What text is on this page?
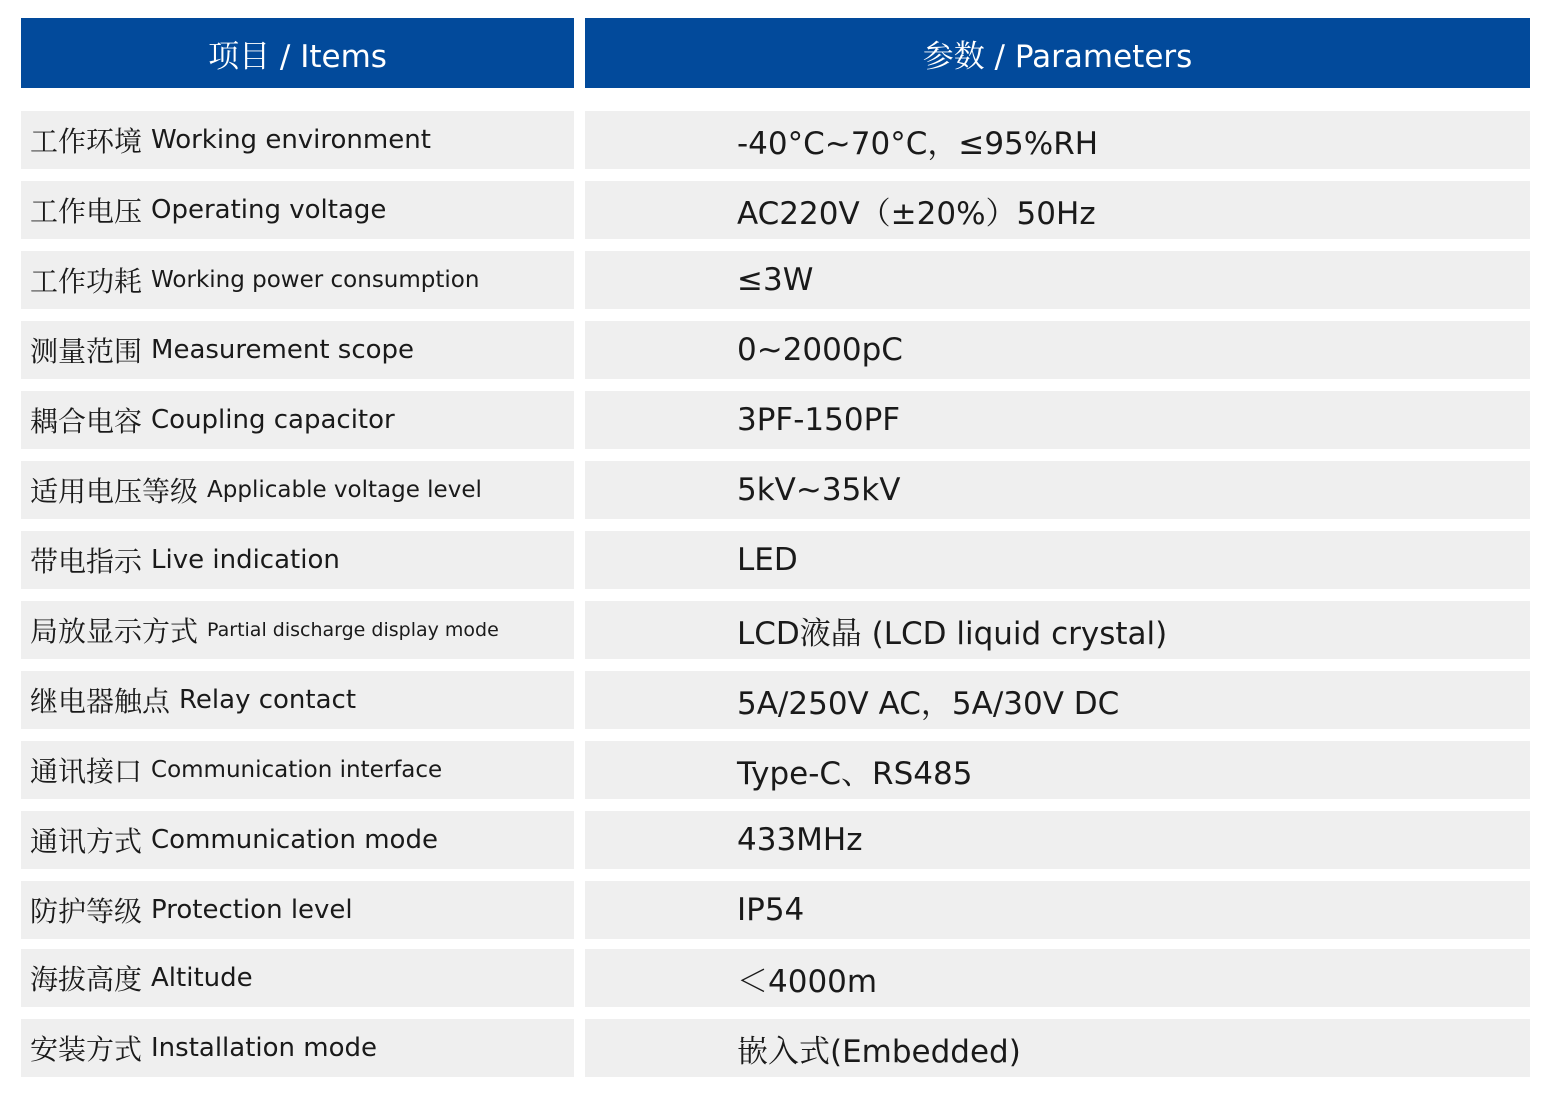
项目 / Items	参数 / Parameters
工作环境 Working environment	-40°C~70°C，≤95%RH
工作电压 Operating voltage	AC220V（±20%）50Hz
工作功耗 Working power consumption	≤3W
测量范围 Measurement scope	0~2000pC
耦合电容 Coupling capacitor	3PF-150PF
适用电压等级 Applicable voltage level	5kV~35kV
带电指示 Live indication	LED
局放显示方式 Partial discharge display mode	LCD液晶 (LCD liquid crystal)
继电器触点 Relay contact	5A/250V AC，5A/30V DC
通讯接口 Communication interface	Type-C、RS485
通讯方式 Communication mode	433MHz
防护等级 Protection level	IP54
海拔高度 Altitude	＜4000m
安装方式 Installation mode	嵌入式(Embedded)
